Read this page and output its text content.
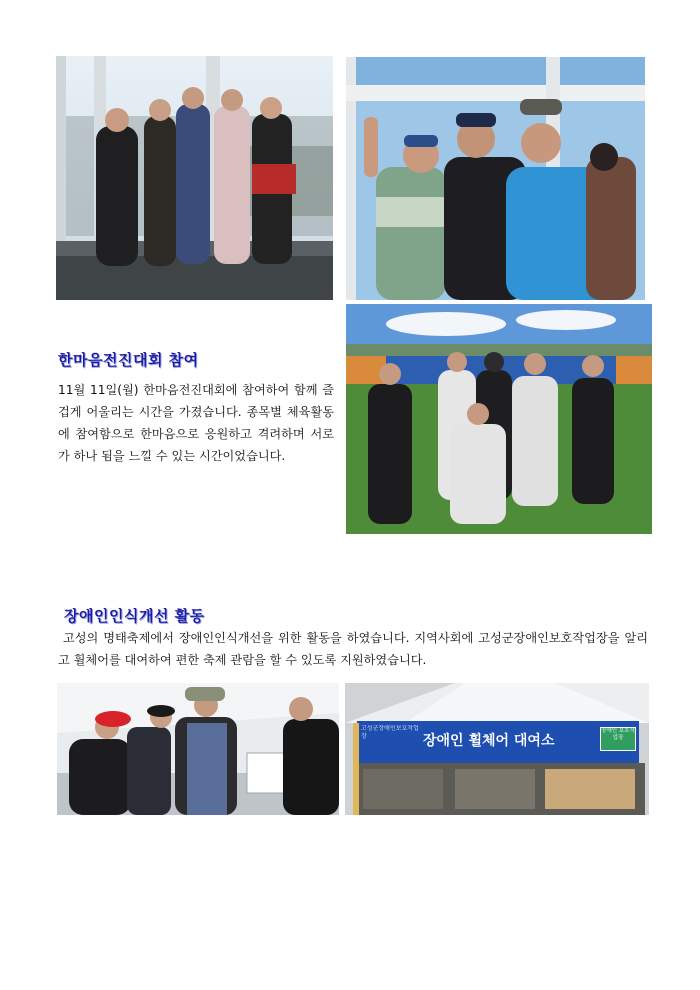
한마음전진대회 참여

11월 11일(월) 한마음전진대회에 참여하여 함께 즐겁게 어울리는 시간을 가졌습니다. 종목별 체육활동에 참여함으로 한마음으로 응원하고 격려하며 서로가 하나 됨을 느낄 수 있는 시간이었습니다.

장애인인식개선 활동

고성의 명태축제에서 장애인인식개선을 위한 활동을 하였습니다. 지역사회에 고성군장애인보호작업장을 알리고 휠체어를 대여하여 편한 축제 관람을 할 수 있도록 지원하였습니다.

고성군장애인보호작업장	장애인 휠체어 대여소
장애인 보호작업장
